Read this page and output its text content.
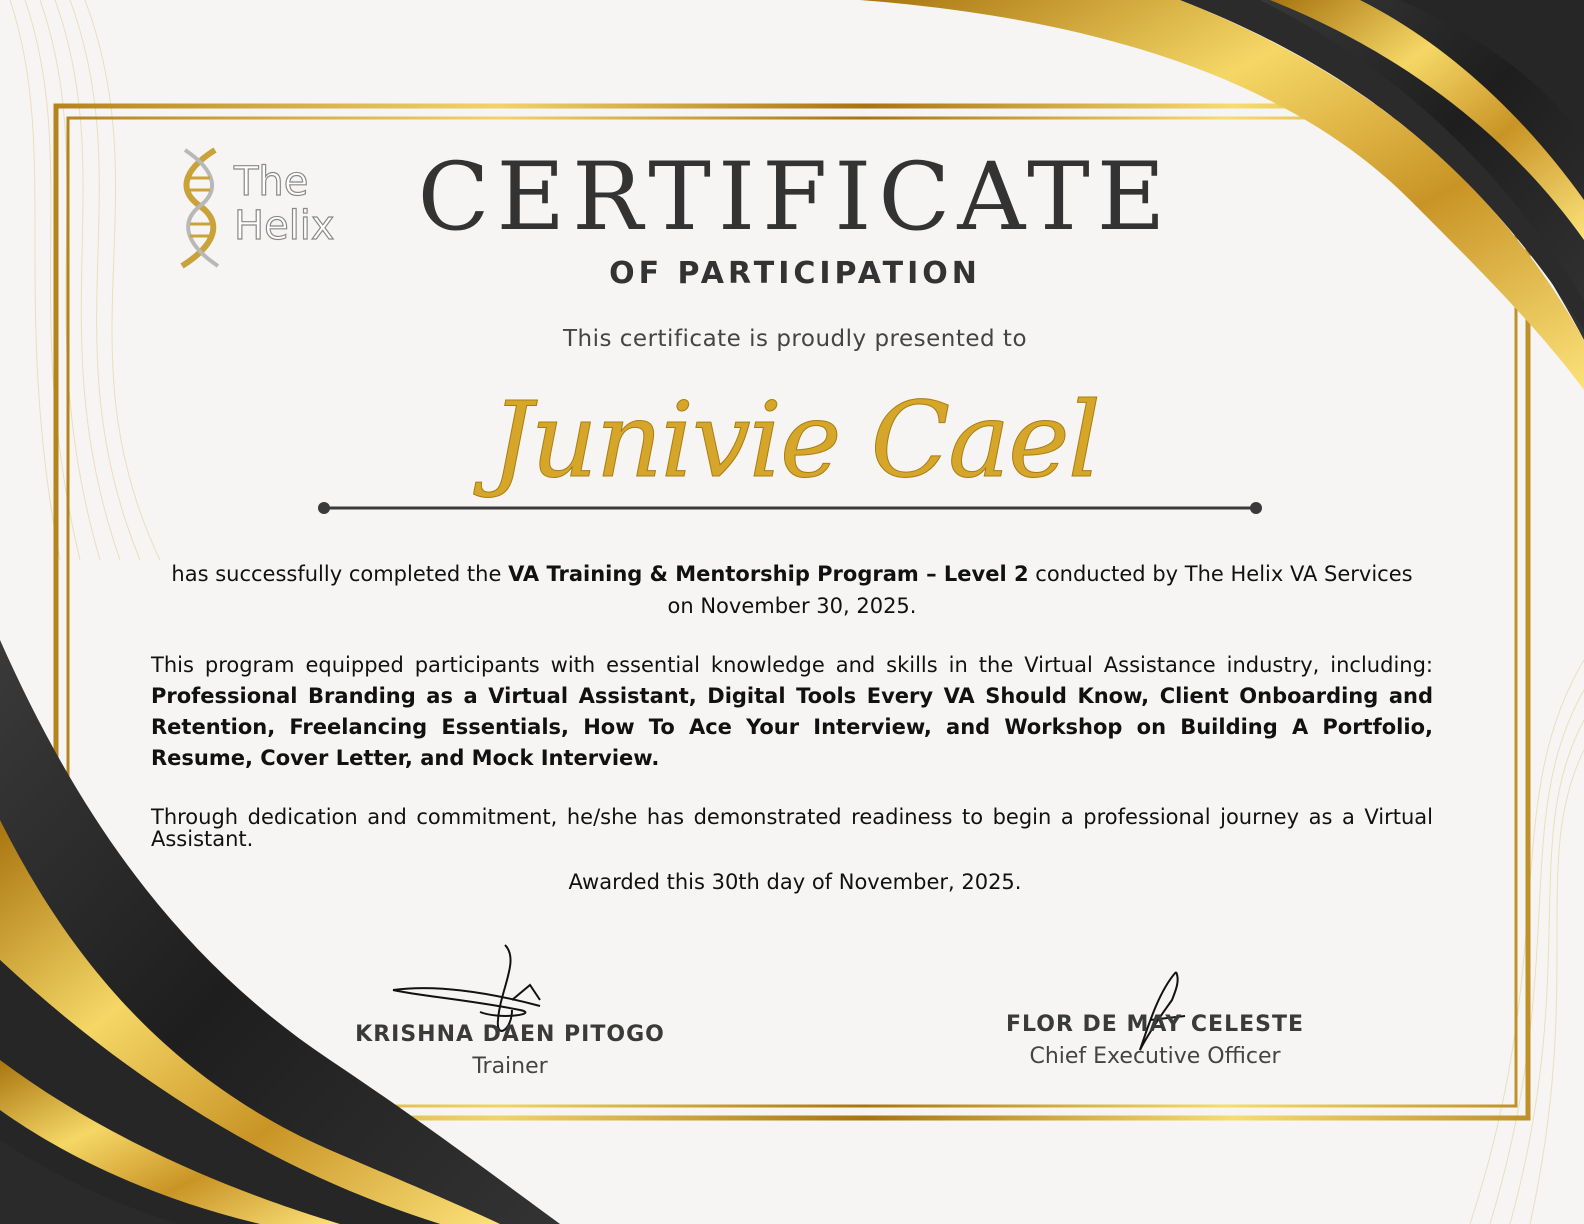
The
Helix CERTIFICATE
OF PARTICIPATION
This certificate is proudly presented to
Junivie Cael
has successfully completed the VA Training & Mentorship Program – Level 2 conducted by The Helix VA Services on November 30, 2025.
This program equipped participants with essential knowledge and skills in the Virtual Assistance industry, including: Professional Branding as a Virtual Assistant, Digital Tools Every VA Should Know, Client Onboarding and Retention, Freelancing Essentials, How To Ace Your Interview, and Workshop on Building A Portfolio, Resume, Cover Letter, and Mock Interview.
Through dedication and commitment, he/she has demonstrated readiness to begin a professional journey as a Virtual Assistant.
Awarded this 30th day of November, 2025.
KRISHNA DAEN PITOGO
Trainer
FLOR DE MAY CELESTE
Chief Executive Officer
